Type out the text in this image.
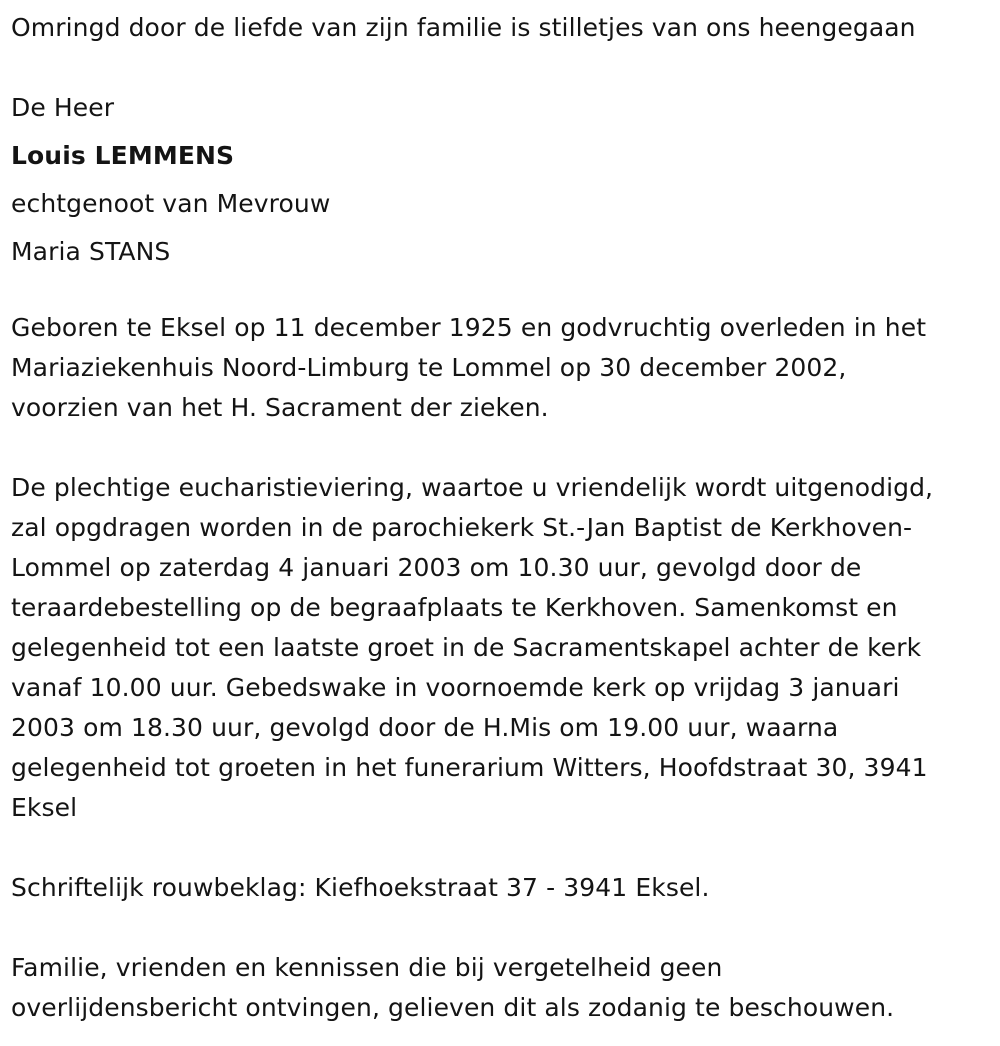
Omringd door de liefde van zijn familie is stilletjes van ons heengegaan

De Heer

Louis LEMMENS

echtgenoot van Mevrouw

Maria STANS

Geboren te Eksel op 11 december 1925 en godvruchtig overleden in het

Mariaziekenhuis Noord-Limburg te Lommel op 30 december 2002,

voorzien van het H. Sacrament der zieken.

De plechtige eucharistieviering, waartoe u vriendelijk wordt uitgenodigd,

zal opgdragen worden in de parochiekerk St.-Jan Baptist de Kerkhoven-

Lommel op zaterdag 4 januari 2003 om 10.30 uur, gevolgd door de

teraardebestelling op de begraafplaats te Kerkhoven. Samenkomst en

gelegenheid tot een laatste groet in de Sacramentskapel achter de kerk

vanaf 10.00 uur. Gebedswake in voornoemde kerk op vrijdag 3 januari

2003 om 18.30 uur, gevolgd door de H.Mis om 19.00 uur, waarna

gelegenheid tot groeten in het funerarium Witters, Hoofdstraat 30, 3941

Eksel

Schriftelijk rouwbeklag: Kiefhoekstraat 37 - 3941 Eksel.

Familie, vrienden en kennissen die bij vergetelheid geen

overlijdensbericht ontvingen, gelieven dit als zodanig te beschouwen.
